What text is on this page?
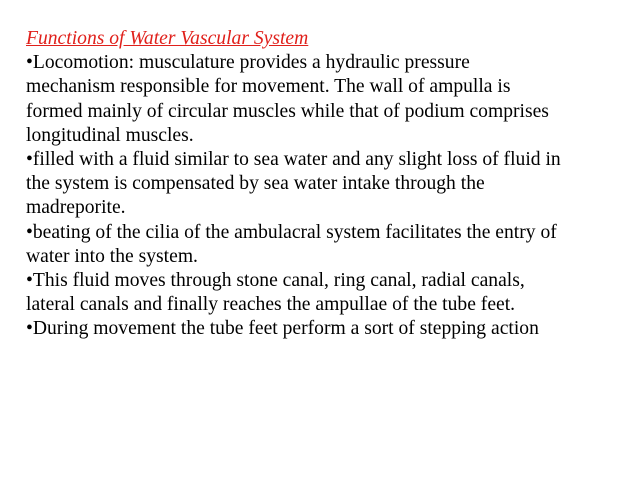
Functions of Water Vascular System
•Locomotion: musculature provides a hydraulic pressure
mechanism responsible for movement. The wall of ampulla is
formed mainly of circular muscles while that of podium comprises
longitudinal muscles.
•filled with a fluid similar to sea water and any slight loss of fluid in
the system is compensated by sea water intake through the
madreporite.
•beating of the cilia of the ambulacral system facilitates the entry of
water into the system.
•This fluid moves through stone canal, ring canal, radial canals,
lateral canals and finally reaches the ampullae of the tube feet.
•During movement the tube feet perform a sort of stepping action
